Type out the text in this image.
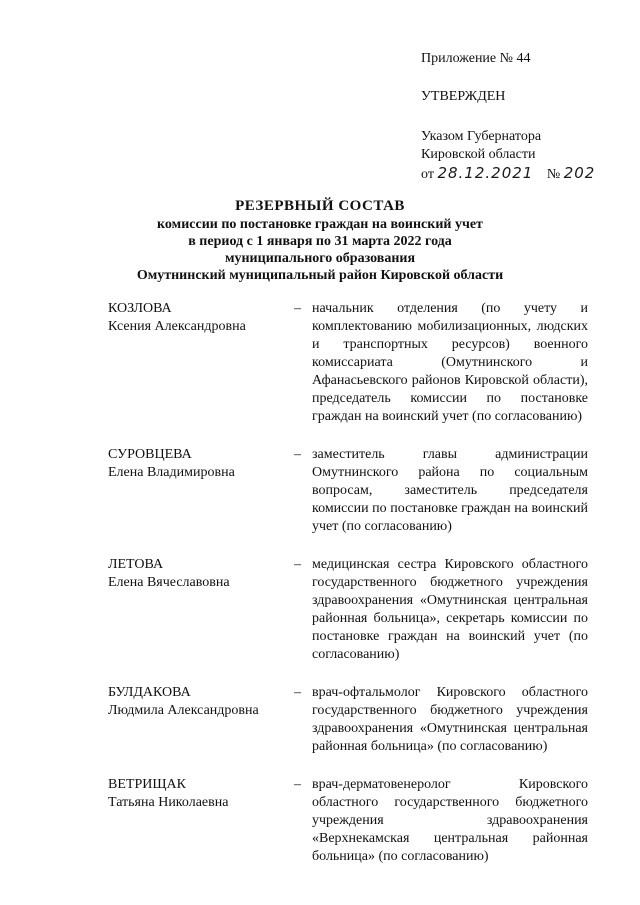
Приложение № 44
УТВЕРЖДЕН
Указом Губернатора
Кировской области
от 28.12.2021 № 202
РЕЗЕРВНЫЙ СОСТАВ
комиссии по постановке граждан на воинский учет
в период с 1 января по 31 марта 2022 года
муниципального образования
Омутнинский муниципальный район Кировской области
КОЗЛОВА
Ксения Александровна
– начальник отделения (по учету и комплектованию мобилизационных, людских и транспортных ресурсов) военного комиссариата (Омутнинского и Афанасьевского районов Кировской области), председатель комиссии по постановке граждан на воинский учет (по согласованию)
СУРОВЦЕВА
Елена Владимировна
– заместитель главы администрации Омутнинского района по социальным вопросам, заместитель председателя комиссии по постановке граждан на воинский учет (по согласованию)
ЛЕТОВА
Елена Вячеславовна
– медицинская сестра Кировского областного государственного бюджетного учреждения здравоохранения «Омутнинская центральная районная больница», секретарь комиссии по постановке граждан на воинский учет (по согласованию)
БУЛДАКОВА
Людмила Александровна
– врач-офтальмолог Кировского областного государственного бюджетного учреждения здравоохранения «Омутнинская центральная районная больница» (по согласованию)
ВЕТРИЩАК
Татьяна Николаевна
– врач-дерматовенеролог Кировского областного государственного бюджетного учреждения здравоохранения «Верхнекамская центральная районная больница» (по согласованию)
